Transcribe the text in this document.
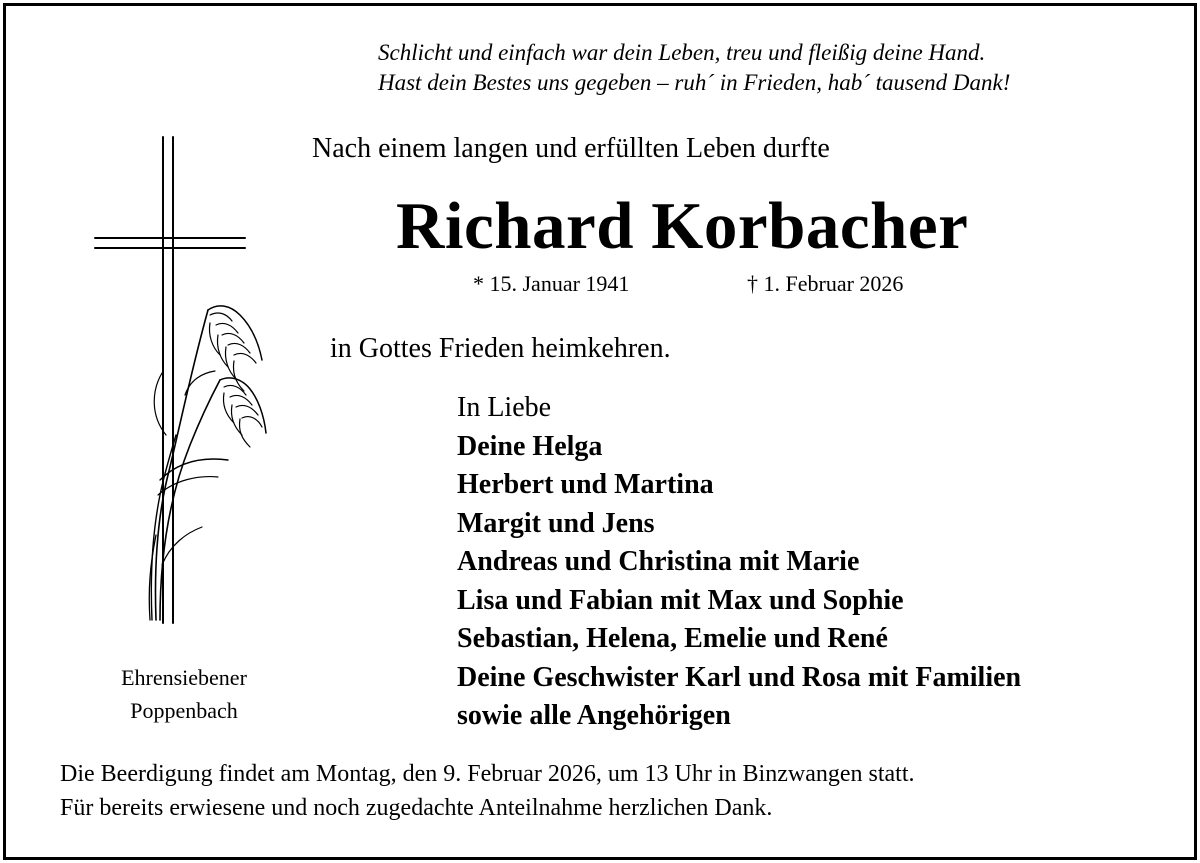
Schlicht und einfach war dein Leben, treu und fleißig deine Hand.
Hast dein Bestes uns gegeben – ruh´ in Frieden, hab´ tausend Dank!
Nach einem langen und erfüllten Leben durfte
Richard Korbacher
* 15. Januar 1941	† 1. Februar 2026
in Gottes Frieden heimkehren.
In Liebe
Deine Helga
Herbert und Martina
Margit und Jens
Andreas und Christina mit Marie
Lisa und Fabian mit Max und Sophie
Sebastian, Helena, Emelie und René
Deine Geschwister Karl und Rosa mit Familien
sowie alle Angehörigen
Ehrensiebener
Poppenbach
Die Beerdigung findet am Montag, den 9. Februar 2026, um 13 Uhr in Binzwangen statt.
Für bereits erwiesene und noch zugedachte Anteilnahme herzlichen Dank.
